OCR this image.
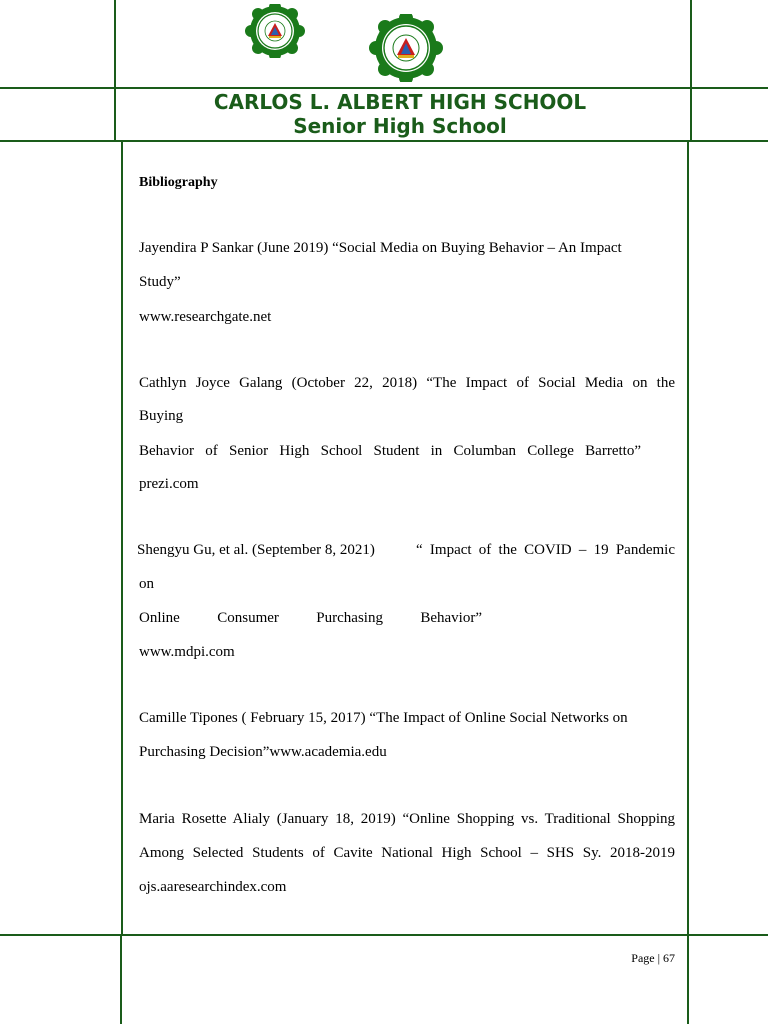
CARLOS L. ALBERT HIGH SCHOOL
Senior High School
Bibliography
Jayendira P Sankar (June 2019) “Social Media on Buying Behavior – An Impact
Study”
www.researchgate.net
Cathlyn Joyce Galang (October 22, 2018) “The Impact of Social Media on the
Buying
Behavior of Senior High School Student in Columban College Barretto”
prezi.com
Shengyu Gu, et al. (September 8, 2021)	“ Impact of the COVID – 19 Pandemic
on
Online Consumer Purchasing Behavior”
www.mdpi.com
Camille Tipones ( February 15, 2017) “The Impact of Online Social Networks on
Purchasing Decision”www.academia.edu
Maria Rosette Alialy (January 18, 2019) “Online Shopping vs. Traditional Shopping
Among Selected Students of Cavite National High School – SHS Sy. 2018-2019
ojs.aaresearchindex.com
Page | 67
